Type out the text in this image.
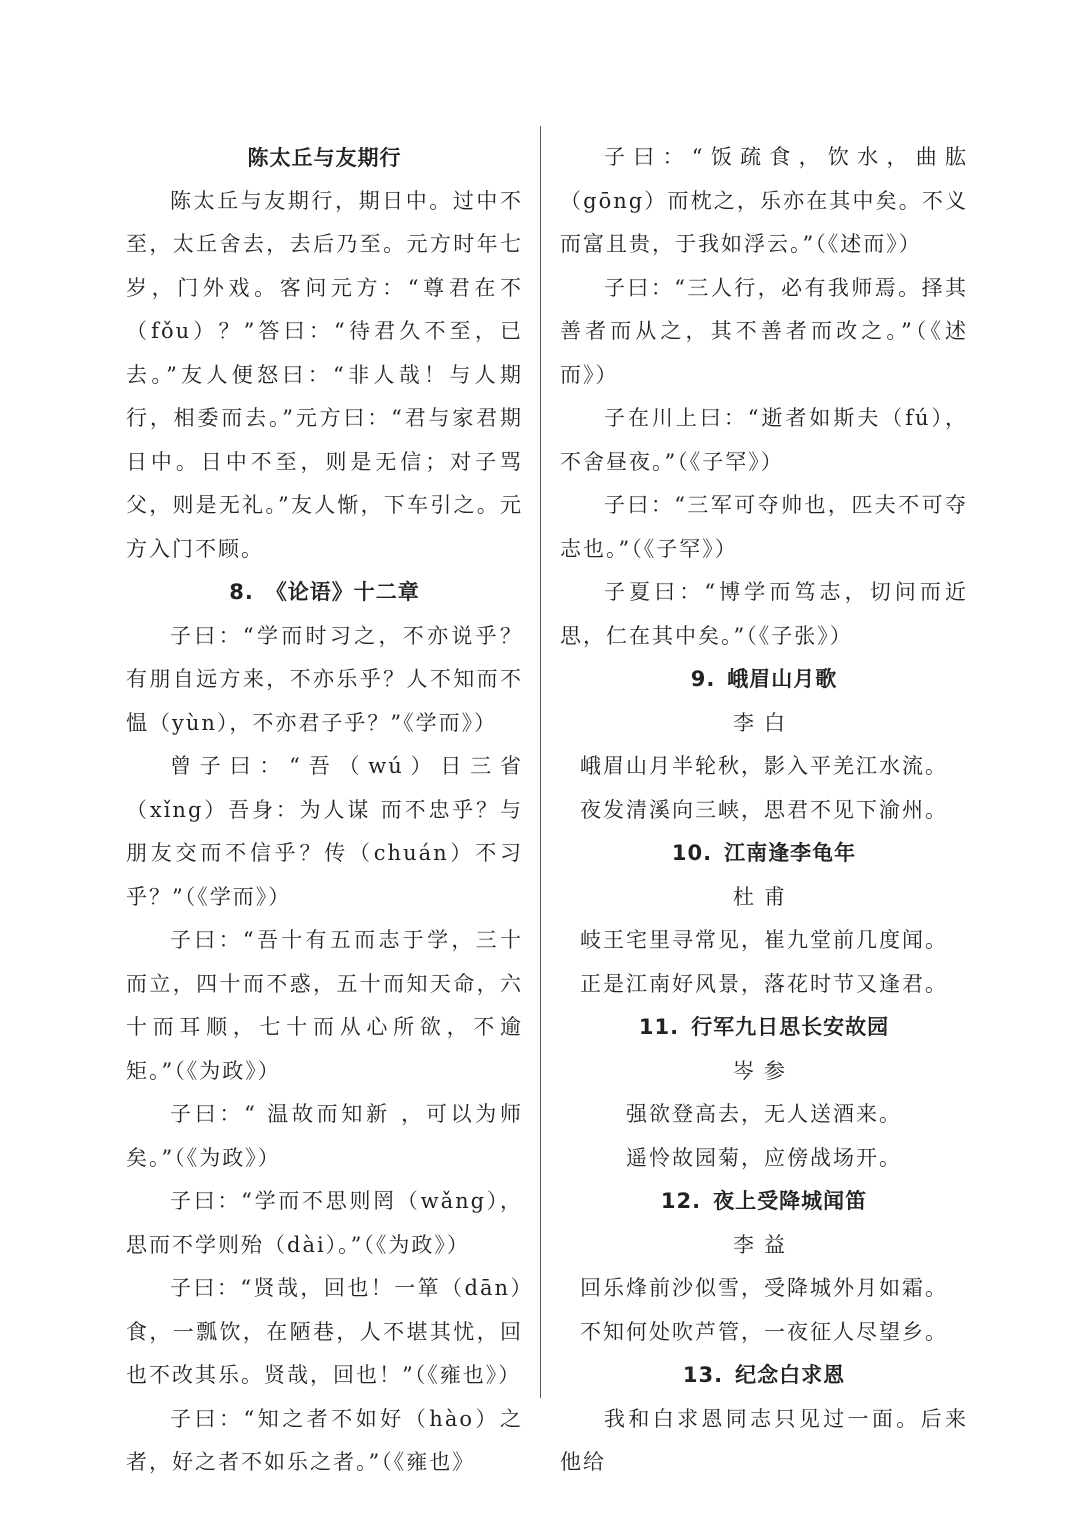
陈太丘与友期行

陈太丘与友期行，期日中。过中不至，太丘舍去，去后乃至。元方时年七岁，门外戏。客问元方：“尊君在不（fǒu）？”答曰：“待君久不至，已去。”友人便怒曰：“非人哉！与人期行，相委而去。”元方曰：“君与家君期日中。日中不至，则是无信；对子骂父，则是无礼。”友人惭，下车引之。元方入门不顾。

8. 《论语》十二章

子曰：“学而时习之，不亦说乎？有朋自远方来，不亦乐乎？人不知而不愠（yùn），不亦君子乎？”《学而》）

曾子曰：“吾（wú）日三省（xǐng）吾身：为人谋 而不忠乎？与朋友交而不信乎？传（chuán）不习乎？”（《学而》）

子曰：“吾十有五而志于学，三十而立，四十而不惑，五十而知天命，六十而耳顺，七十而从心所欲，不逾矩。”（《为政》）

子曰：“ 温故而知新 ，可以为师矣。”（《为政》）

子曰：“学而不思则罔（wǎng），思而不学则殆（dài）。”（《为政》）

子曰：“贤哉，回也！一箪（dān）食，一瓢饮，在陋巷，人不堪其忧，回也不改其乐。贤哉，回也！”（《雍也》）

子曰：“知之者不如好（hào）之者，好之者不如乐之者。”（《雍也》

子曰：“饭疏食，饮水，曲肱（gōng）而枕之，乐亦在其中矣。不义而富且贵，于我如浮云。”（《述而》）

子曰：“三人行，必有我师焉。择其善者而从之，其不善者而改之。”（《述而》）

子在川上曰：“逝者如斯夫（fú），不舍昼夜。”（《子罕》）

子曰：“三军可夺帅也，匹夫不可夺志也。”（《子罕》）

子夏曰：“博学而笃志，切问而近思，仁在其中矣。”（《子张》）

9. 峨眉山月歌

李白

峨眉山月半轮秋，影入平羌江水流。

夜发清溪向三峡，思君不见下渝州。

10. 江南逢李龟年

杜甫

岐王宅里寻常见，崔九堂前几度闻。

正是江南好风景，落花时节又逢君。

11. 行军九日思长安故园

岑参

强欲登高去，无人送酒来。

遥怜故园菊，应傍战场开。

12. 夜上受降城闻笛

李益

回乐烽前沙似雪，受降城外月如霜。

不知何处吹芦管，一夜征人尽望乡。

13. 纪念白求恩

我和白求恩同志只见过一面。后来他给
